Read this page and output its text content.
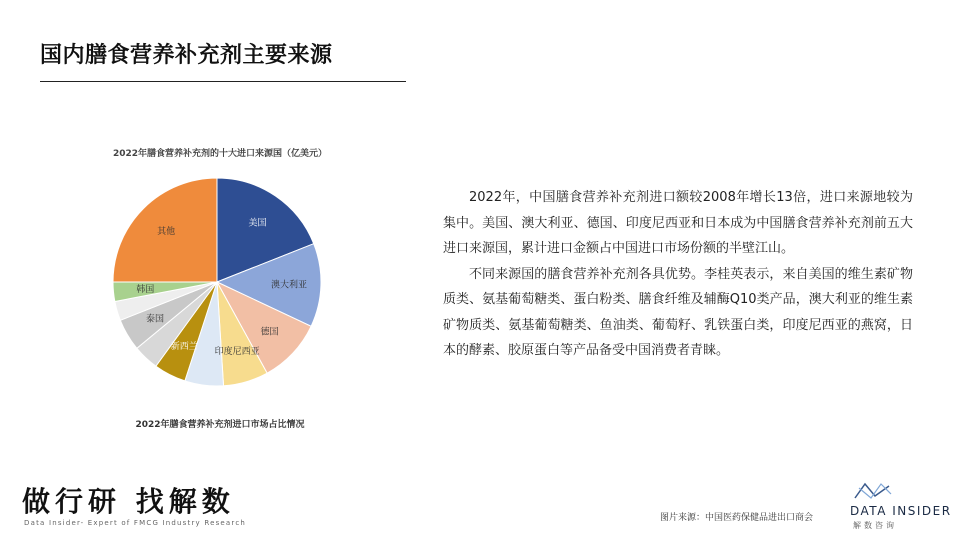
国内膳食营养补充剂主要来源
2022年膳食营养补充剂的十大进口来源国（亿美元）
美国
澳大利亚
德国
印度尼西亚
新西兰
泰国
韩国
其他
2022年膳食营养补充剂进口市场占比情况

2022年，中国膳食营养补充剂进口额较2008年增长13倍，进口来源地较为集中。美国、澳大利亚、德国、印度尼西亚和日本成为中国膳食营养补充剂前五大进口来源国，累计进口金额占中国进口市场份额的半壁江山。

不同来源国的膳食营养补充剂各具优势。李桂英表示，来自美国的维生素矿物质类、氨基葡萄糖类、蛋白粉类、膳食纤维及辅酶Q10类产品，澳大利亚的维生素矿物质类、氨基葡萄糖类、鱼油类、葡萄籽、乳铁蛋白类，印度尼西亚的燕窝，日本的酵素、胶原蛋白等产品备受中国消费者青睐。

做行研 找解数
Data Insider- Expert of FMCG Industry Research	图片来源：中国医药保健品进出口商会	DATA INSIDER
解数咨询
